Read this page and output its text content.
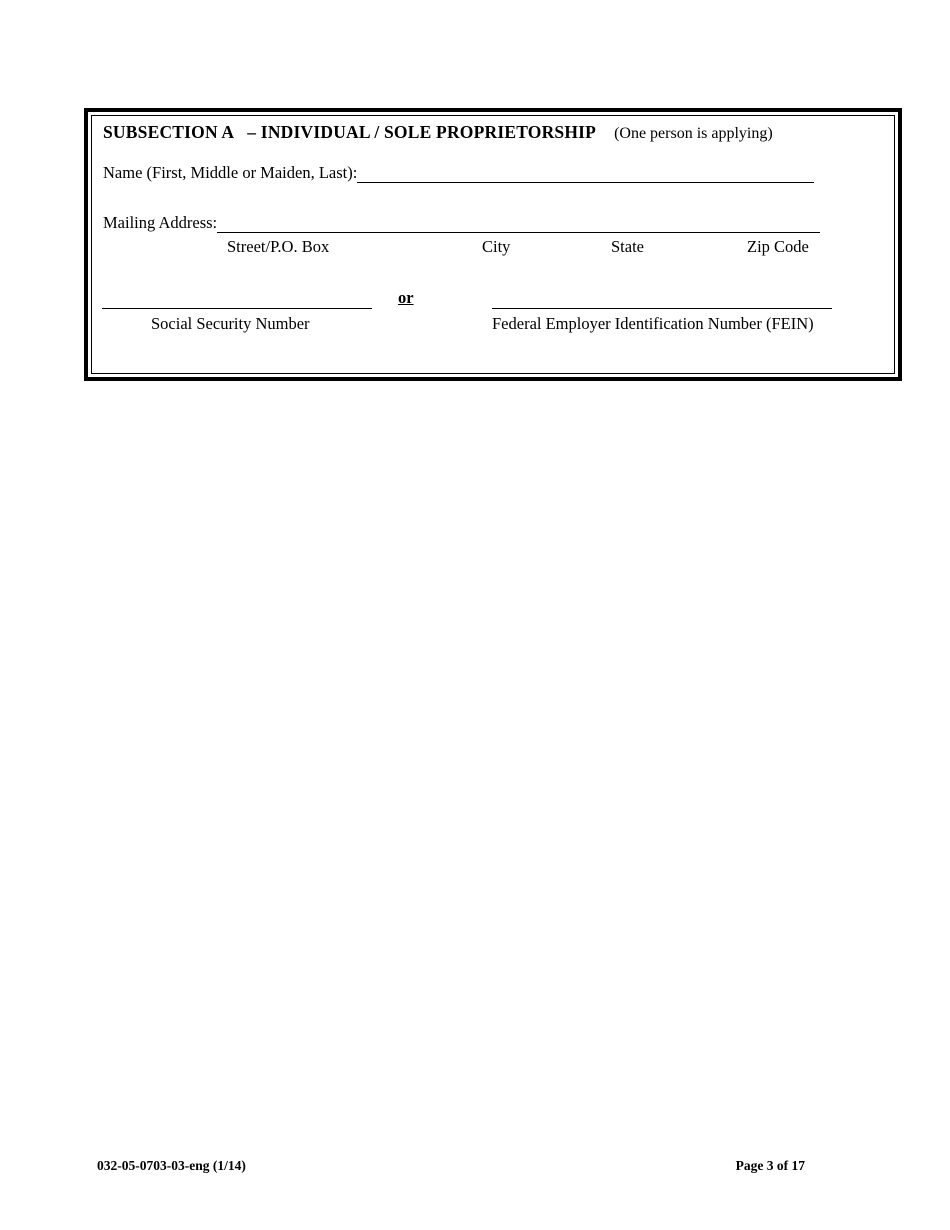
SUBSECTION A – INDIVIDUAL / SOLE PROPRIETORSHIP (One person is applying)
Name (First, Middle or Maiden, Last):
Mailing Address:
Street/P.O. Box	City	State	Zip Code
Social Security Number
or
Federal Employer Identification Number (FEIN)
032-05-0703-03-eng (1/14)	Page 3 of 17
